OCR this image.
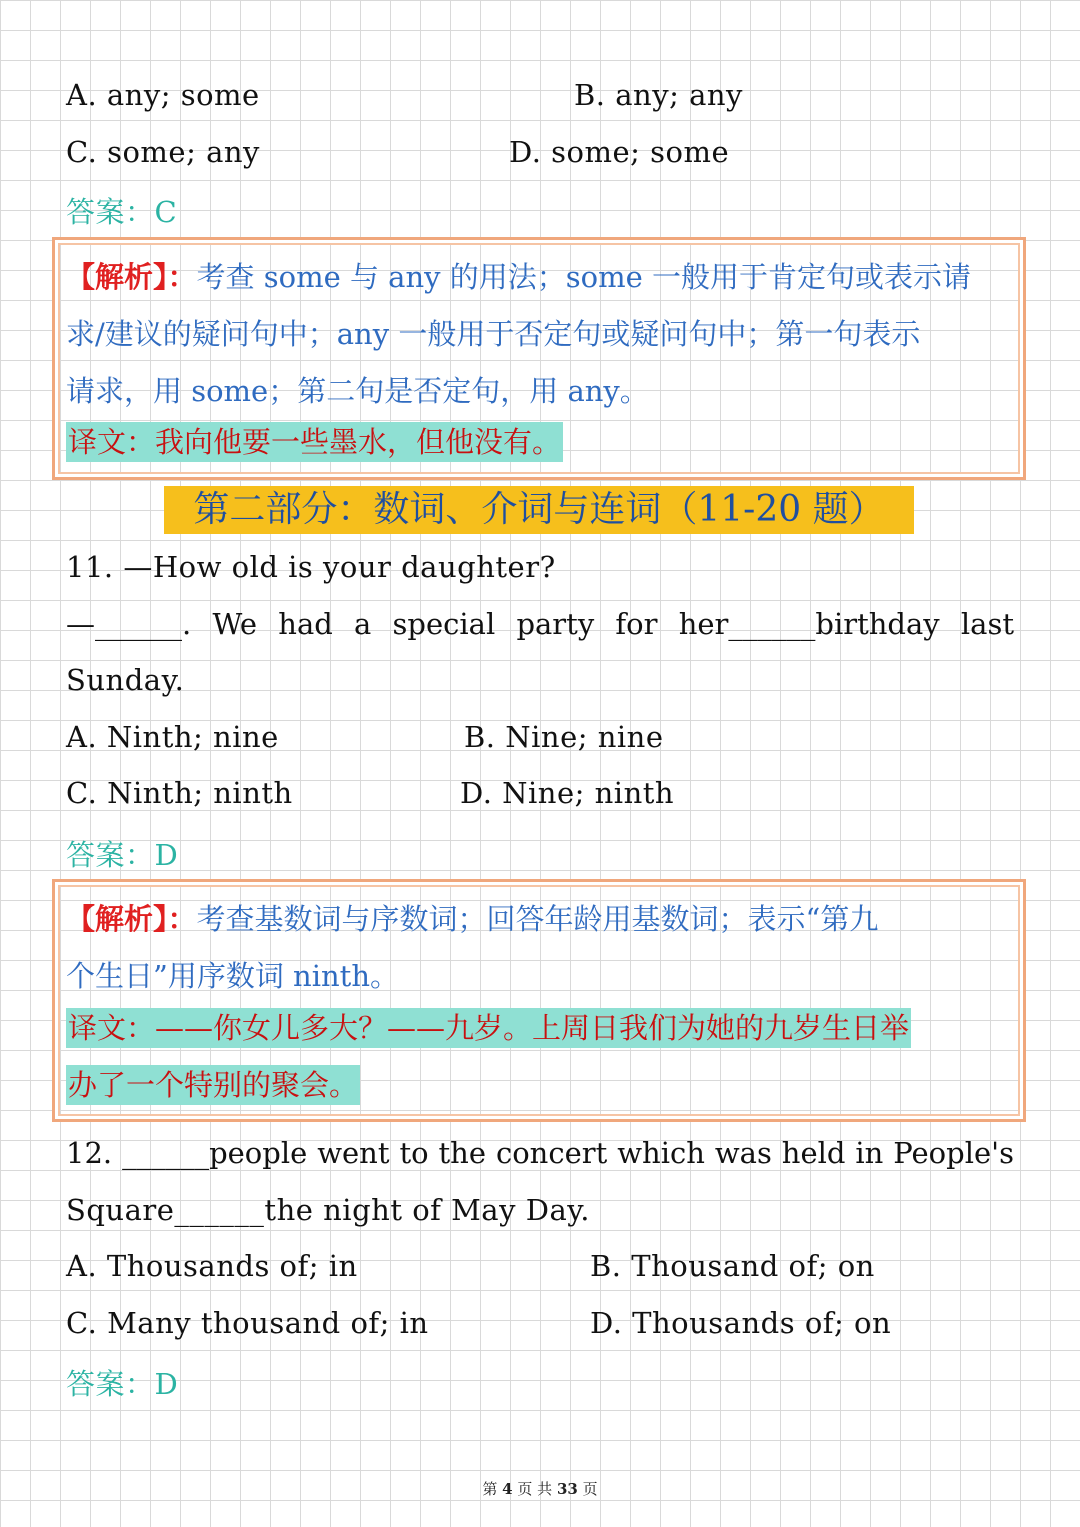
A. any; some	B. any; any
C. some; any	D. some; some
答案：C
【解析】：考查 some 与 any 的用法；some 一般用于肯定句或表示请
求/建议的疑问句中；any 一般用于否定句或疑问句中；第一句表示
请求，用 some；第二句是否定句，用 any。
译文：我向他要一些墨水，但他没有。
第二部分：数词、介词与连词（11-20 题）
11. —How old is your daughter?
—______. We had a special party for her______birthday last
Sunday.
A. Ninth; nine	B. Nine; nine
C. Ninth; ninth	D. Nine; ninth
答案：D
【解析】：考查基数词与序数词；回答年龄用基数词；表示“第九
个生日”用序数词 ninth。
译文：——你女儿多大？——九岁。上周日我们为她的九岁生日举
办了一个特别的聚会。
12. ______people went to the concert which was held in People's
Square______the night of May Day.
A. Thousands of; in	B. Thousand of; on
C. Many thousand of; in	D. Thousands of; on
答案：D
第 4 页 共 33 页
